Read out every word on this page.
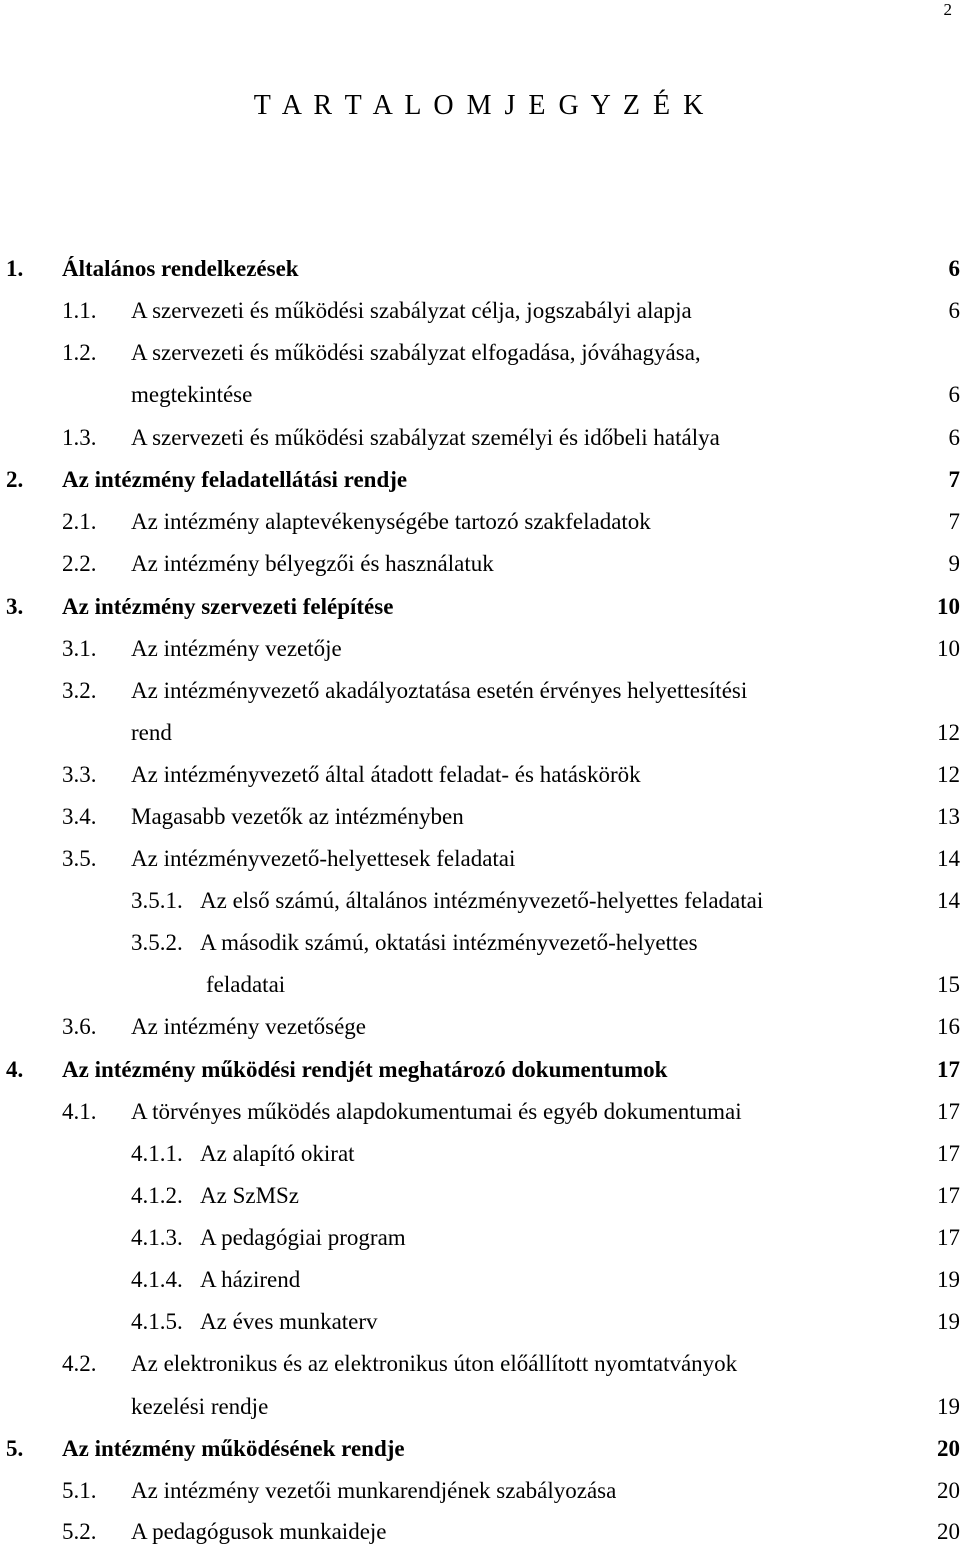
2
T A R T A L O M J E G Y Z É K
1. Általános rendelkezések	6
1.1. A szervezeti és működési szabályzat célja, jogszabályi alapja	6
1.2. A szervezeti és működési szabályzat elfogadása, jóváhagyása,
megtekintése	6
1.3. A szervezeti és működési szabályzat személyi és időbeli hatálya	6
2. Az intézmény feladatellátási rendje	7
2.1. Az intézmény alaptevékenységébe tartozó szakfeladatok	7
2.2. Az intézmény bélyegzői és használatuk	9
3. Az intézmény szervezeti felépítése	10
3.1. Az intézmény vezetője	10
3.2. Az intézményvezető akadályoztatása esetén érvényes helyettesítési
rend	12
3.3. Az intézményvezető által átadott feladat- és hatáskörök	12
3.4. Magasabb vezetők az intézményben	13
3.5. Az intézményvezető-helyettesek feladatai	14
3.5.1. Az első számú, általános intézményvezető-helyettes feladatai	14
3.5.2. A második számú, oktatási intézményvezető-helyettes
feladatai	15
3.6. Az intézmény vezetősége	16
4. Az intézmény működési rendjét meghatározó dokumentumok	17
4.1. A törvényes működés alapdokumentumai és egyéb dokumentumai	17
4.1.1. Az alapító okirat	17
4.1.2. Az SzMSz	17
4.1.3. A pedagógiai program	17
4.1.4. A házirend	19
4.1.5. Az éves munkaterv	19
4.2. Az elektronikus és az elektronikus úton előállított nyomtatványok
kezelési rendje	19
5. Az intézmény működésének rendje	20
5.1. Az intézmény vezetői munkarendjének szabályozása	20
5.2. A pedagógusok munkaideje	20
